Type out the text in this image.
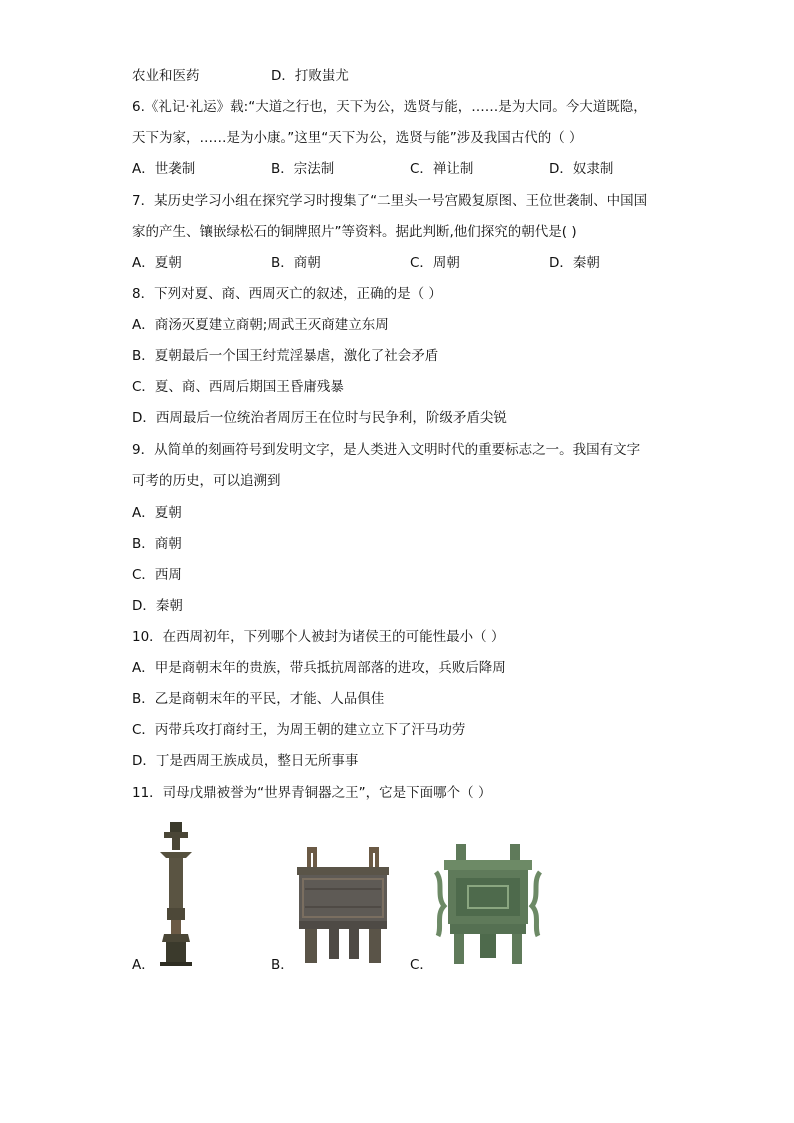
农业和医药	D．打败蚩尤
6.《礼记·礼运》载:“大道之行也，天下为公，选贤与能，……是为大同。今大道既隐，
天下为家，……是为小康。”这里“天下为公，选贤与能”涉及我国古代的（ ）
A．世袭制	B．宗法制	C．禅让制	D．奴隶制
7．某历史学习小组在探究学习时搜集了“二里头一号宫殿复原图、王位世袭制、中国国
家的产生、镶嵌绿松石的铜牌照片”等资料。据此判断,他们探究的朝代是( )
A．夏朝	B．商朝	C．周朝	D．秦朝
8．下列对夏、商、西周灭亡的叙述，正确的是（ ）
A．商汤灭夏建立商朝;周武王灭商建立东周
B．夏朝最后一个国王纣荒淫暴虐，激化了社会矛盾
C．夏、商、西周后期国王昏庸残暴
D．西周最后一位统治者周厉王在位时与民争利，阶级矛盾尖锐
9．从简单的刻画符号到发明文字，是人类进入文明时代的重要标志之一。我国有文字
可考的历史，可以追溯到
A．夏朝
B．商朝
C．西周
D．秦朝
10．在西周初年，下列哪个人被封为诸侯王的可能性最小（ ）
A．甲是商朝末年的贵族，带兵抵抗周部落的进攻，兵败后降周
B．乙是商朝末年的平民，才能、人品俱佳
C．丙带兵攻打商纣王，为周王朝的建立立下了汗马功劳
D．丁是西周王族成员，整日无所事事
11．司母戊鼎被誉为“世界青铜器之王”，它是下面哪个（ ）
A．	B．	C．
